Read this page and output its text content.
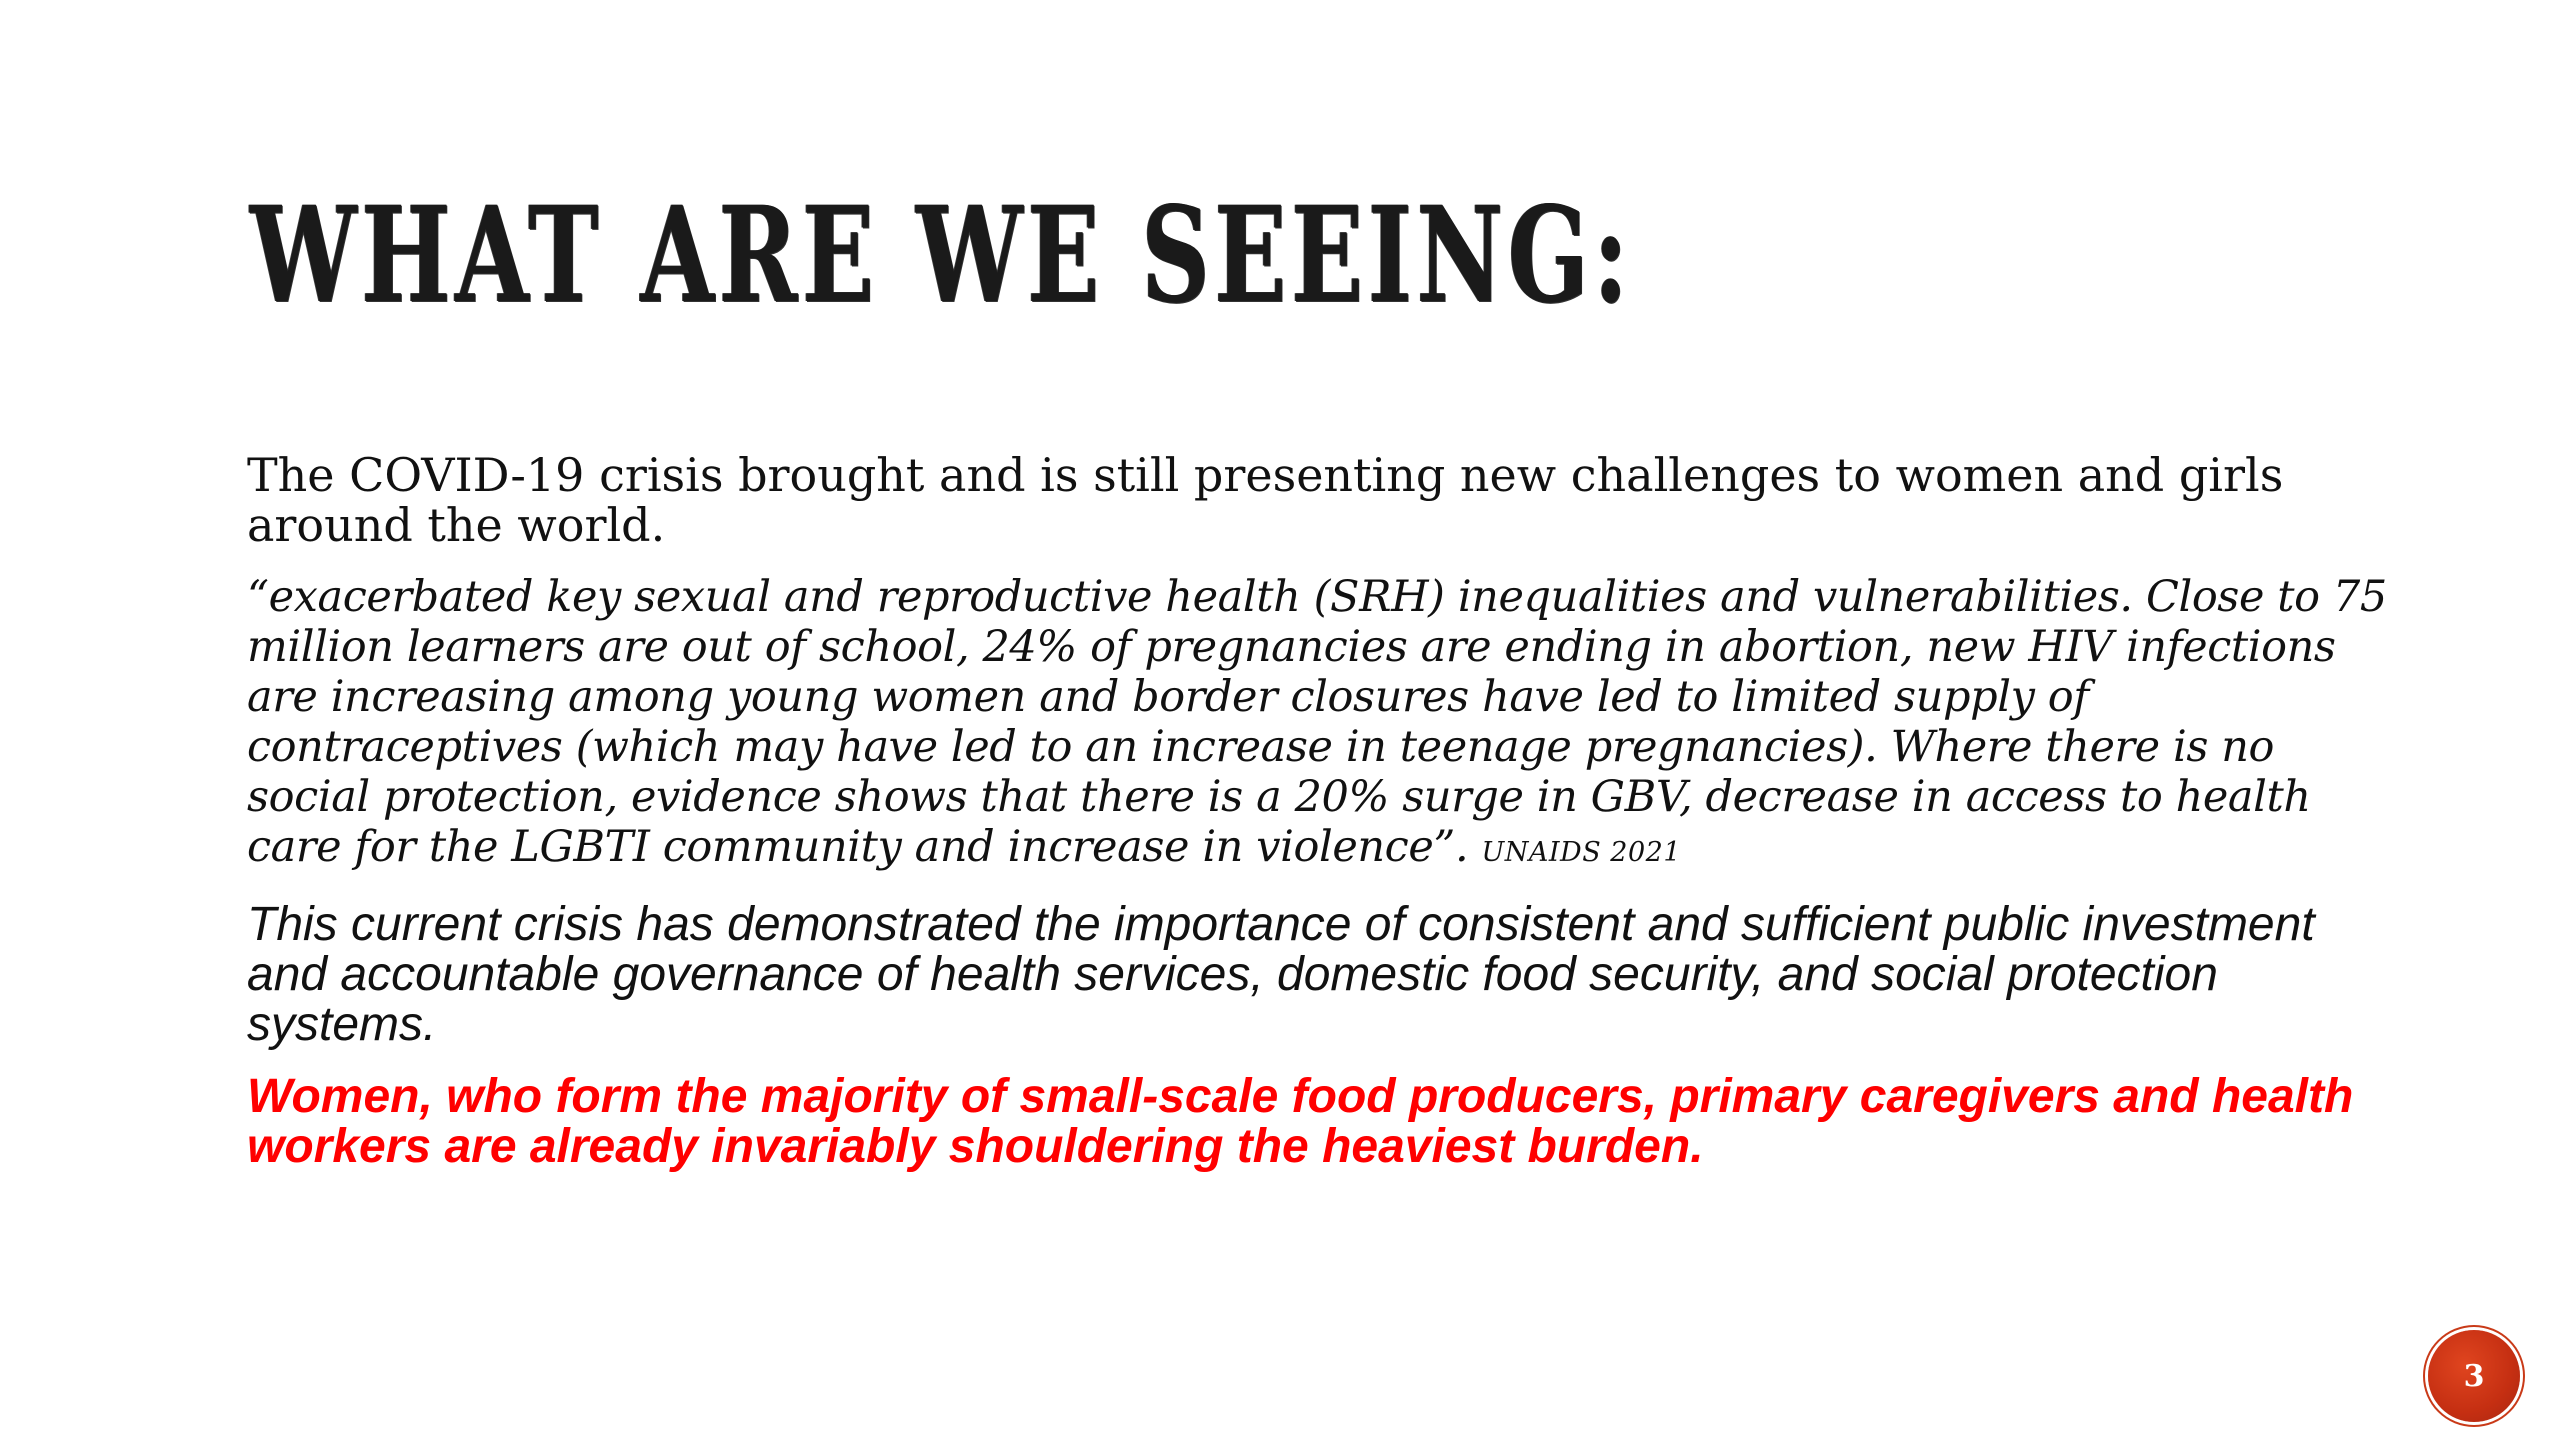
WHAT ARE WE SEEING:

The COVID-19 crisis brought and is still presenting new challenges to women and girls around the world.

“exacerbated key sexual and reproductive health (SRH) inequalities and vulnerabilities. Close to 75 million learners are out of school, 24% of pregnancies are ending in abortion, new HIV infections are increasing among young women and border closures have led to limited supply of contraceptives (which may have led to an increase in teenage pregnancies). Where there is no social protection, evidence shows that there is a 20% surge in GBV, decrease in access to health care for the LGBTI community and increase in violence”. UNAIDS 2021

This current crisis has demonstrated the importance of consistent and sufficient public investment and accountable governance of health services, domestic food security, and social protection systems.

Women, who form the majority of small-scale food producers, primary caregivers and health workers are already invariably shouldering the heaviest burden.

3
